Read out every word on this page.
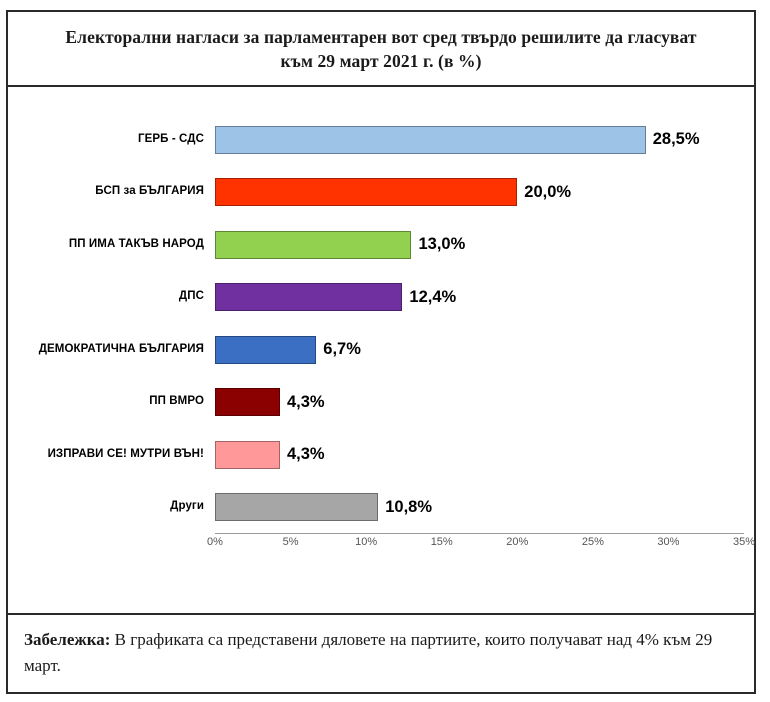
Електорални нагласи за парламентарен вот сред твърдо решилите да гласуват
към 29 март 2021 г. (в %)
ГЕРБ - СДС	28,5%
БСП за БЪЛГАРИЯ	20,0%
ПП ИМА ТАКЪВ НАРОД	13,0%
ДПС	12,4%
ДЕМОКРАТИЧНА БЪЛГАРИЯ	6,7%
ПП ВМРО	4,3%
ИЗПРАВИ СЕ! МУТРИ ВЪН!	4,3%
Други	10,8%
0%	5%	10%	15%	20%	25%	30%	35%
Забележка: В графиката са представени дяловете на партиите, които получават над 4% към 29 март.
